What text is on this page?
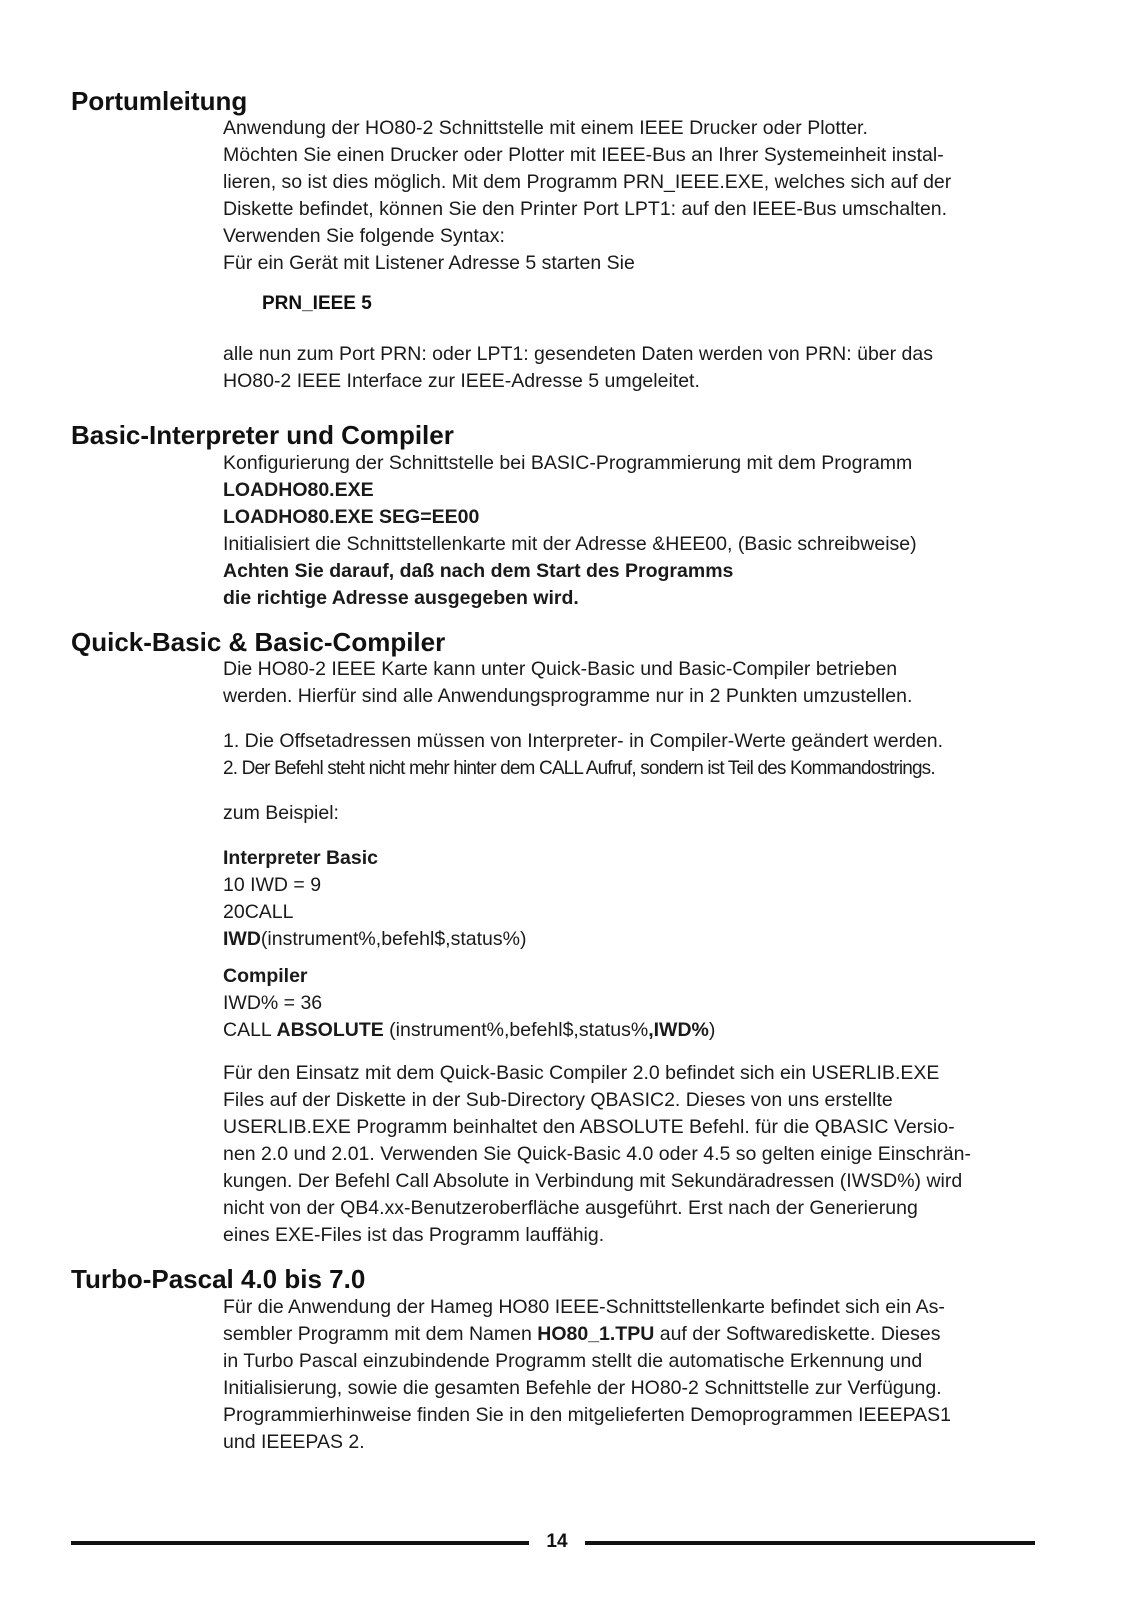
Portumleitung
Anwendung der HO80-2 Schnittstelle mit einem IEEE Drucker oder Plotter.
Möchten Sie einen Drucker oder Plotter mit IEEE-Bus an Ihrer Systemeinheit instal-
lieren, so ist dies möglich. Mit dem Programm PRN_IEEE.EXE, welches sich auf der
Diskette befindet, können Sie den Printer Port LPT1: auf den IEEE-Bus umschalten.
Verwenden Sie folgende Syntax:
Für ein Gerät mit Listener Adresse 5 starten Sie
PRN_IEEE 5
alle nun zum Port PRN: oder LPT1: gesendeten Daten werden von PRN: über das
HO80-2 IEEE Interface zur IEEE-Adresse 5 umgeleitet.
Basic-Interpreter und Compiler
Konfigurierung der Schnittstelle bei BASIC-Programmierung mit dem Programm
LOADHO80.EXE
LOADHO80.EXE SEG=EE00
Initialisiert die Schnittstellenkarte mit der Adresse &HEE00, (Basic schreibweise)
Achten Sie darauf, daß nach dem Start des Programms
die richtige Adresse ausgegeben wird.
Quick-Basic & Basic-Compiler
Die HO80-2 IEEE Karte kann unter Quick-Basic und Basic-Compiler betrieben
werden. Hierfür sind alle Anwendungsprogramme nur in 2 Punkten umzustellen.
1. Die Offsetadressen müssen von Interpreter- in Compiler-Werte geändert werden.
2. Der Befehl steht nicht mehr hinter dem CALL Aufruf, sondern ist Teil des Kommandostrings.
zum Beispiel:
Interpreter Basic
10 IWD = 9
20CALL
IWD(instrument%,befehl$,status%)
Compiler
IWD% = 36
CALL ABSOLUTE (instrument%,befehl$,status%,IWD%)
Für den Einsatz mit dem Quick-Basic Compiler 2.0 befindet sich ein USERLIB.EXE
Files auf der Diskette in der Sub-Directory QBASIC2. Dieses von uns erstellte
USERLIB.EXE Programm beinhaltet den ABSOLUTE Befehl. für die QBASIC Versio-
nen 2.0 und 2.01. Verwenden Sie Quick-Basic 4.0 oder 4.5 so gelten einige Einschrän-
kungen. Der Befehl Call Absolute in Verbindung mit Sekundäradressen (IWSD%) wird
nicht von der QB4.xx-Benutzeroberfläche ausgeführt. Erst nach der Generierung
eines EXE-Files ist das Programm lauffähig.
Turbo-Pascal 4.0 bis 7.0
Für die Anwendung der Hameg HO80 IEEE-Schnittstellenkarte befindet sich ein As-
sembler Programm mit dem Namen HO80_1.TPU auf der Softwarediskette. Dieses
in Turbo Pascal einzubindende Programm stellt die automatische Erkennung und
Initialisierung, sowie die gesamten Befehle der HO80-2 Schnittstelle zur Verfügung.
Programmierhinweise finden Sie in den mitgelieferten Demoprogrammen IEEEPAS1
und IEEEPAS 2.
14
